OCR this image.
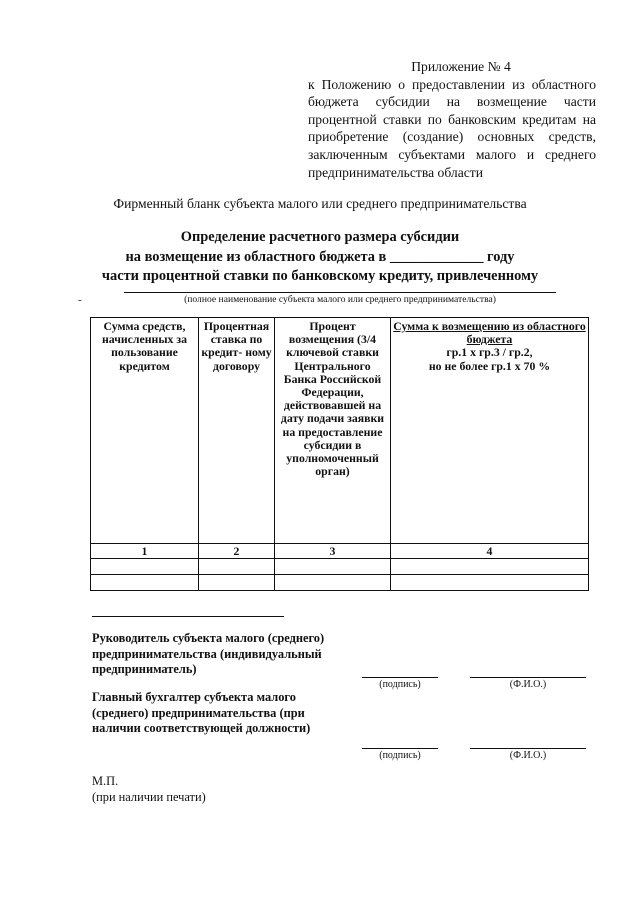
Приложение № 4
к Положению о предоставлении из областного бюджета субсидии на возмещение части процентной ставки по банковским кредитам на приобретение (создание) основных средств, заключенным субъектами малого и среднего предпринимательства области
Фирменный бланк субъекта малого или среднего предпринимательства
Определение расчетного размера субсидии
на возмещение из областного бюджета в _____________ году
части процентной ставки по банковскому кредиту, привлеченному
-	(полное наименование субъекта малого или среднего предпринимательства)
Сумма средств, начисленных за пользование кредитом	Процентная ставка по кредит- ному договору	Процент возмещения (3/4 ключевой ставки Центрального Банка Российской Федерации, действовавшей на дату подачи заявки на предоставление субсидии в уполномоченный орган)	Сумма к возмещению из областного бюджета
гр.1 х гр.3 / гр.2,
но не более гр.1 х 70 %

1	2	3	4

Руководитель субъекта малого (среднего) предпринимательства (индивидуальный предприниматель)
(подпись)	(Ф.И.О.)
Главный бухгалтер субъекта малого (среднего) предпринимательства (при наличии соответствующей должности)
(подпись)	(Ф.И.О.)
М.П.
(при наличии печати)
